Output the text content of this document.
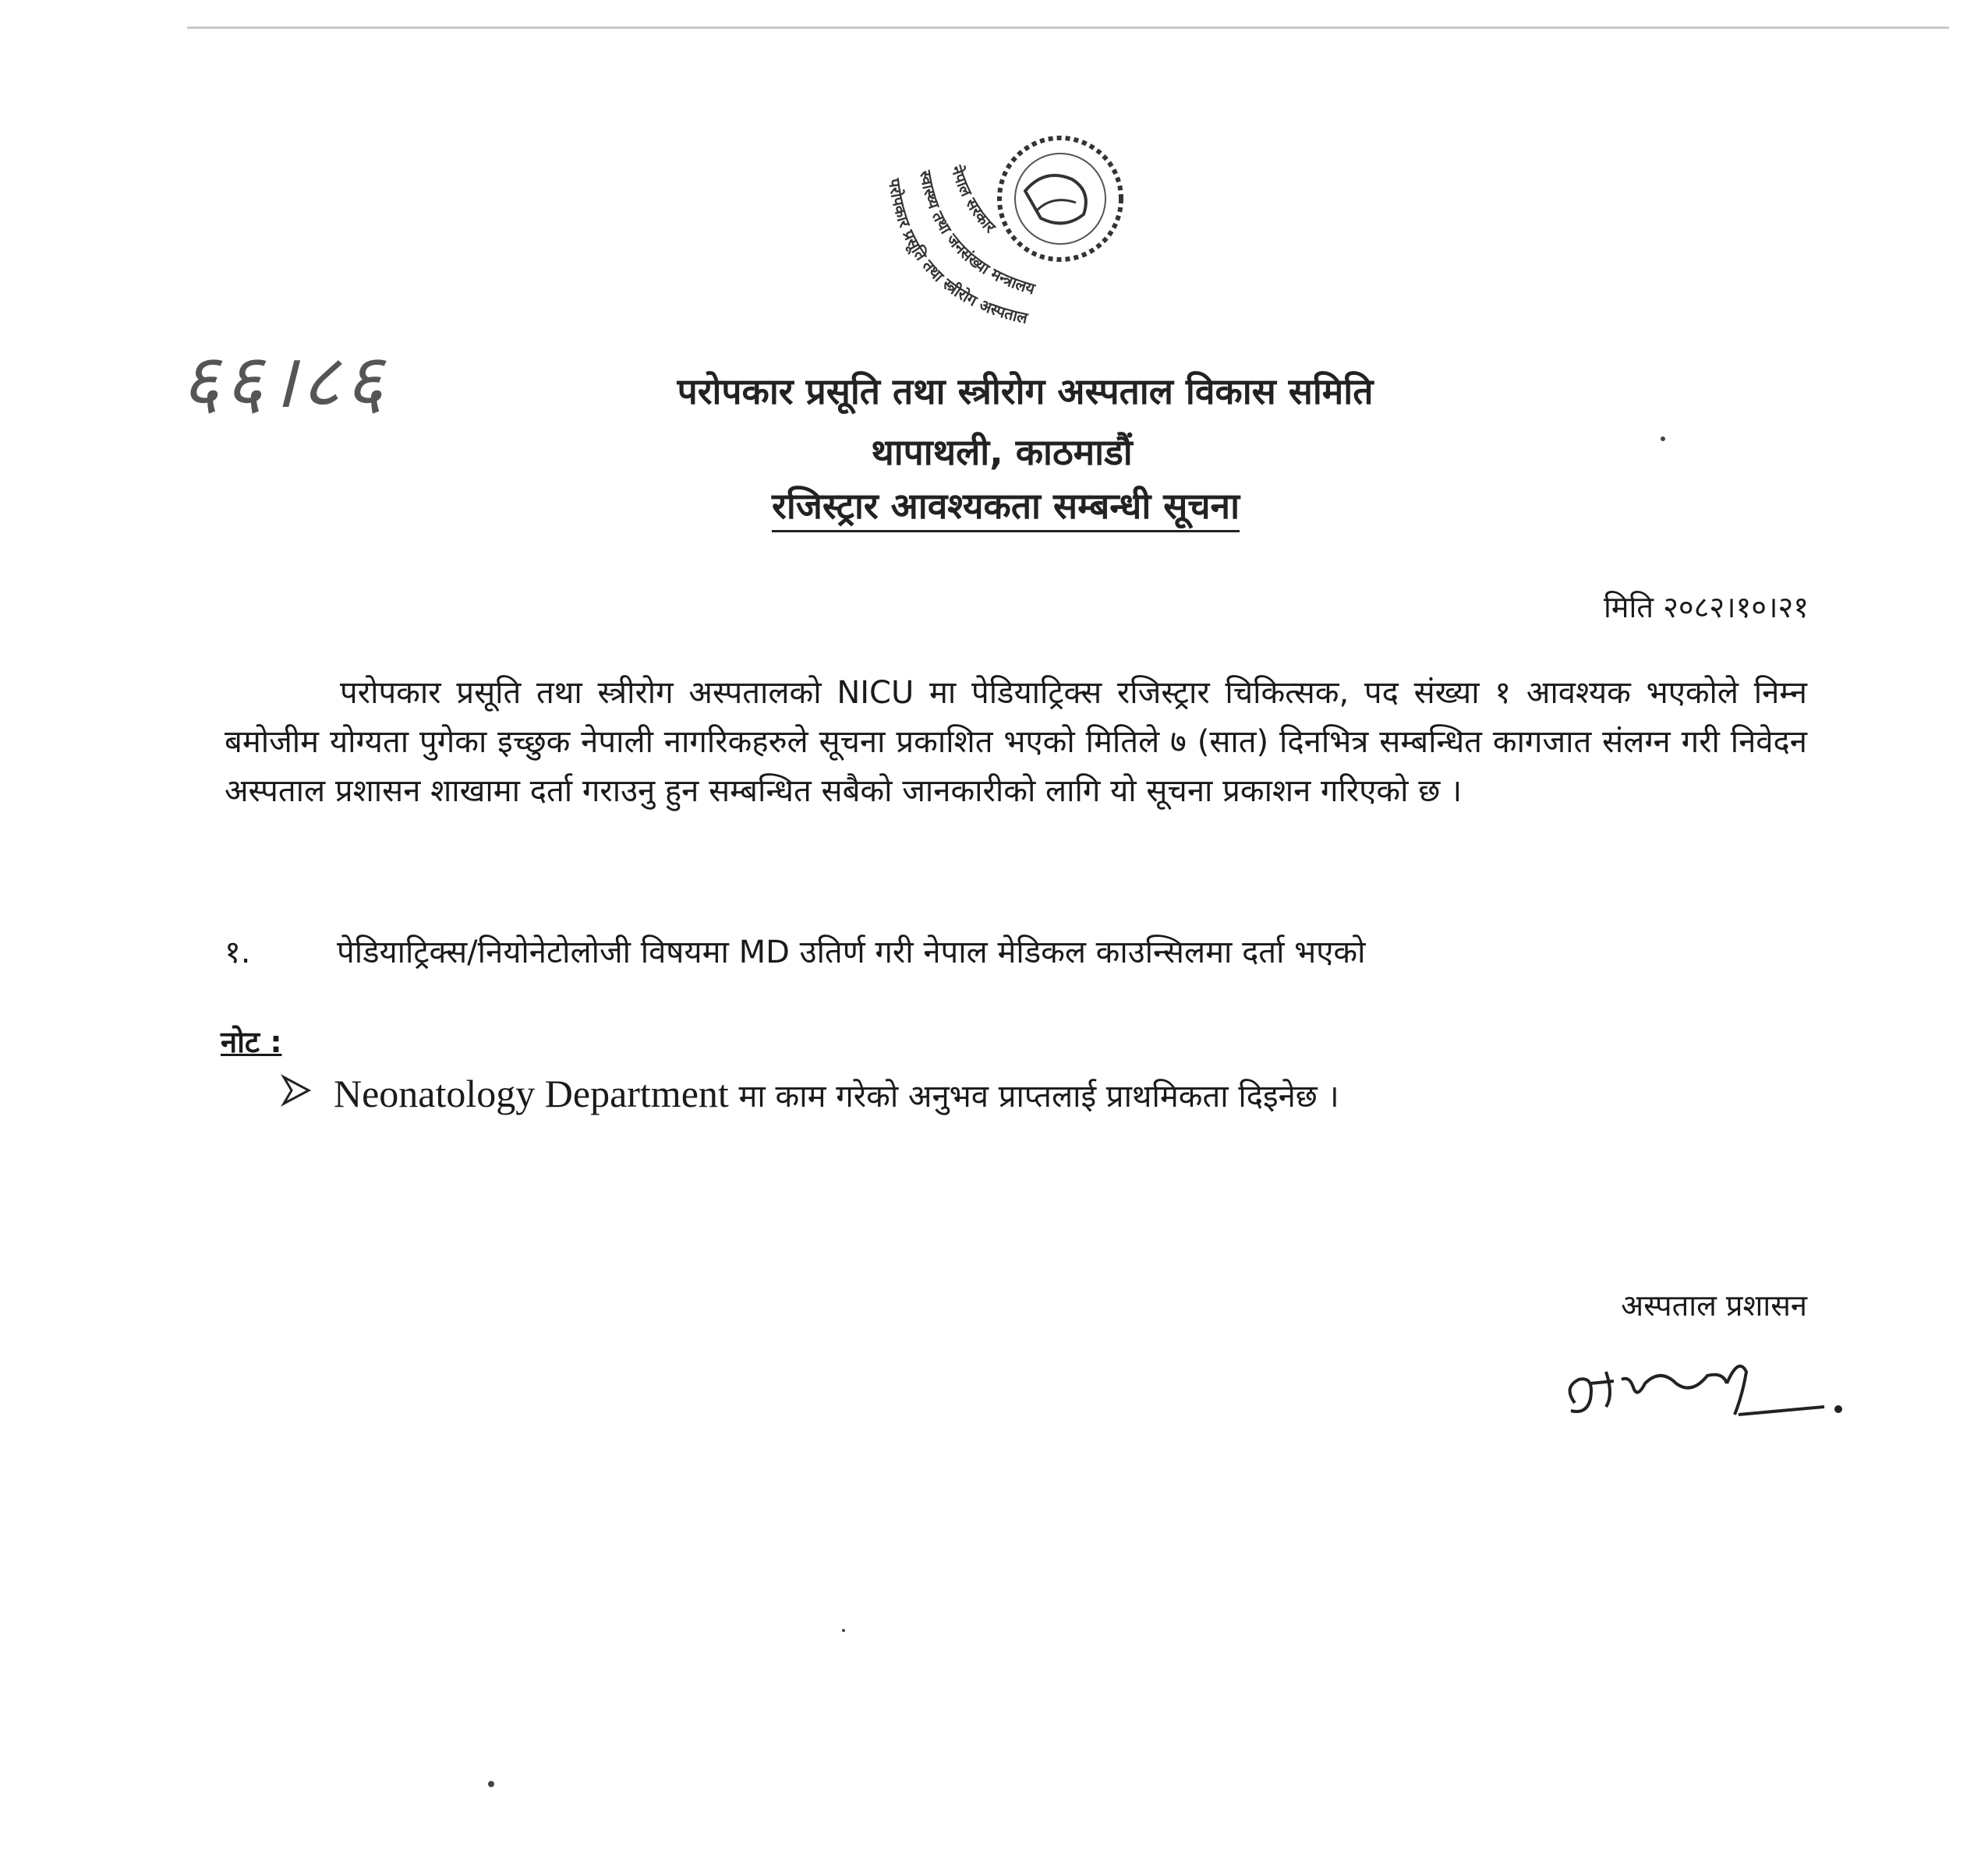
६६।८६
परोपकार प्रसूति तथा स्त्रीरोग अस्पताल
स्वास्थ्य तथा जनसंख्या मन्त्रालय
नेपाल सरकार
परोपकार प्रसूति तथा स्त्रीरोग अस्पताल विकास समिति
थापाथली, काठमाडौं
रजिस्ट्रार आवश्यकता सम्बन्धी सूचना
मिति २०८२।१०।२१
परोपकार प्रसूति तथा स्त्रीरोग अस्पतालको NICU मा पेडियाट्रिक्स रजिस्ट्रार चिकित्सक, पद संख्या १ आवश्यक भएकोले निम्न बमोजीम योग्यता पुगेका इच्छुक नेपाली नागरिकहरुले सूचना प्रकाशित भएको मितिले ७ (सात) दिनभित्र सम्बन्धित कागजात संलग्न गरी निवेदन अस्पताल प्रशासन शाखामा दर्ता गराउनु हुन सम्बन्धित सबैको जानकारीको लागि यो सूचना प्रकाशन गरिएको छ ।
१.	पेडियाट्रिक्स/नियोनेटोलोजी विषयमा MD उतिर्ण गरी नेपाल मेडिकल काउन्सिलमा दर्ता भएको
नोट :
Neonatology Department मा काम गरेको अनुभव प्राप्तलाई प्राथमिकता दिइनेछ ।
अस्पताल प्रशासन
